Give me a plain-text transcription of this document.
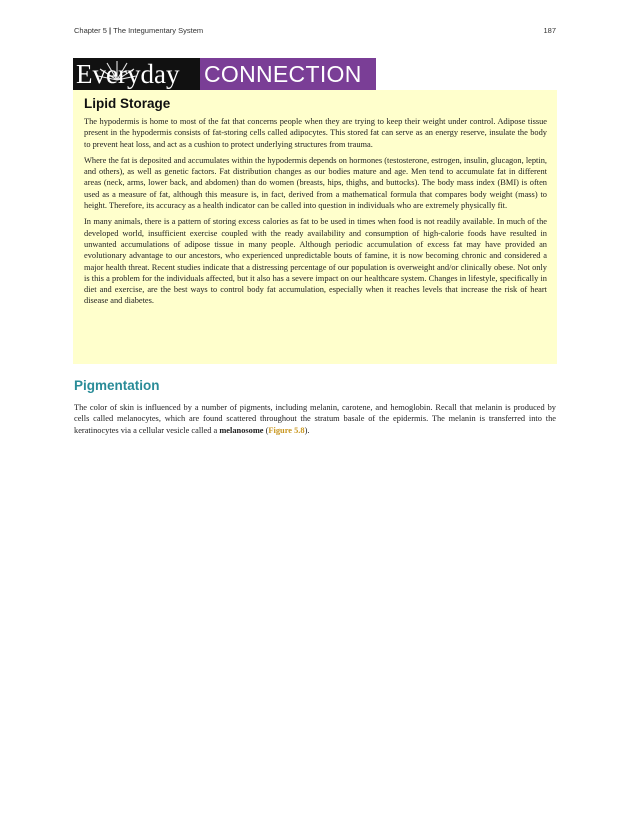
Chapter 5 | The Integumentary System	187
Everyday	CONNECTION
Lipid Storage

The hypodermis is home to most of the fat that concerns people when they are trying to keep their weight under control. Adipose tissue present in the hypodermis consists of fat-storing cells called adipocytes. This stored fat can serve as an energy reserve, insulate the body to prevent heat loss, and act as a cushion to protect underlying structures from trauma.

Where the fat is deposited and accumulates within the hypodermis depends on hormones (testosterone, estrogen, insulin, glucagon, leptin, and others), as well as genetic factors. Fat distribution changes as our bodies mature and age. Men tend to accumulate fat in different areas (neck, arms, lower back, and abdomen) than do women (breasts, hips, thighs, and buttocks). The body mass index (BMI) is often used as a measure of fat, although this measure is, in fact, derived from a mathematical formula that compares body weight (mass) to height. Therefore, its accuracy as a health indicator can be called into question in individuals who are extremely physically fit.

In many animals, there is a pattern of storing excess calories as fat to be used in times when food is not readily available. In much of the developed world, insufficient exercise coupled with the ready availability and consumption of high-calorie foods have resulted in unwanted accumulations of adipose tissue in many people. Although periodic accumulation of excess fat may have provided an evolutionary advantage to our ancestors, who experienced unpredictable bouts of famine, it is now becoming chronic and considered a major health threat. Recent studies indicate that a distressing percentage of our population is overweight and/or clinically obese. Not only is this a problem for the individuals affected, but it also has a severe impact on our healthcare system. Changes in lifestyle, specifically in diet and exercise, are the best ways to control body fat accumulation, especially when it reaches levels that increase the risk of heart disease and diabetes.

Pigmentation

The color of skin is influenced by a number of pigments, including melanin, carotene, and hemoglobin. Recall that melanin is produced by cells called melanocytes, which are found scattered throughout the stratum basale of the epidermis. The melanin is transferred into the keratinocytes via a cellular vesicle called a melanosome (Figure 5.8).
